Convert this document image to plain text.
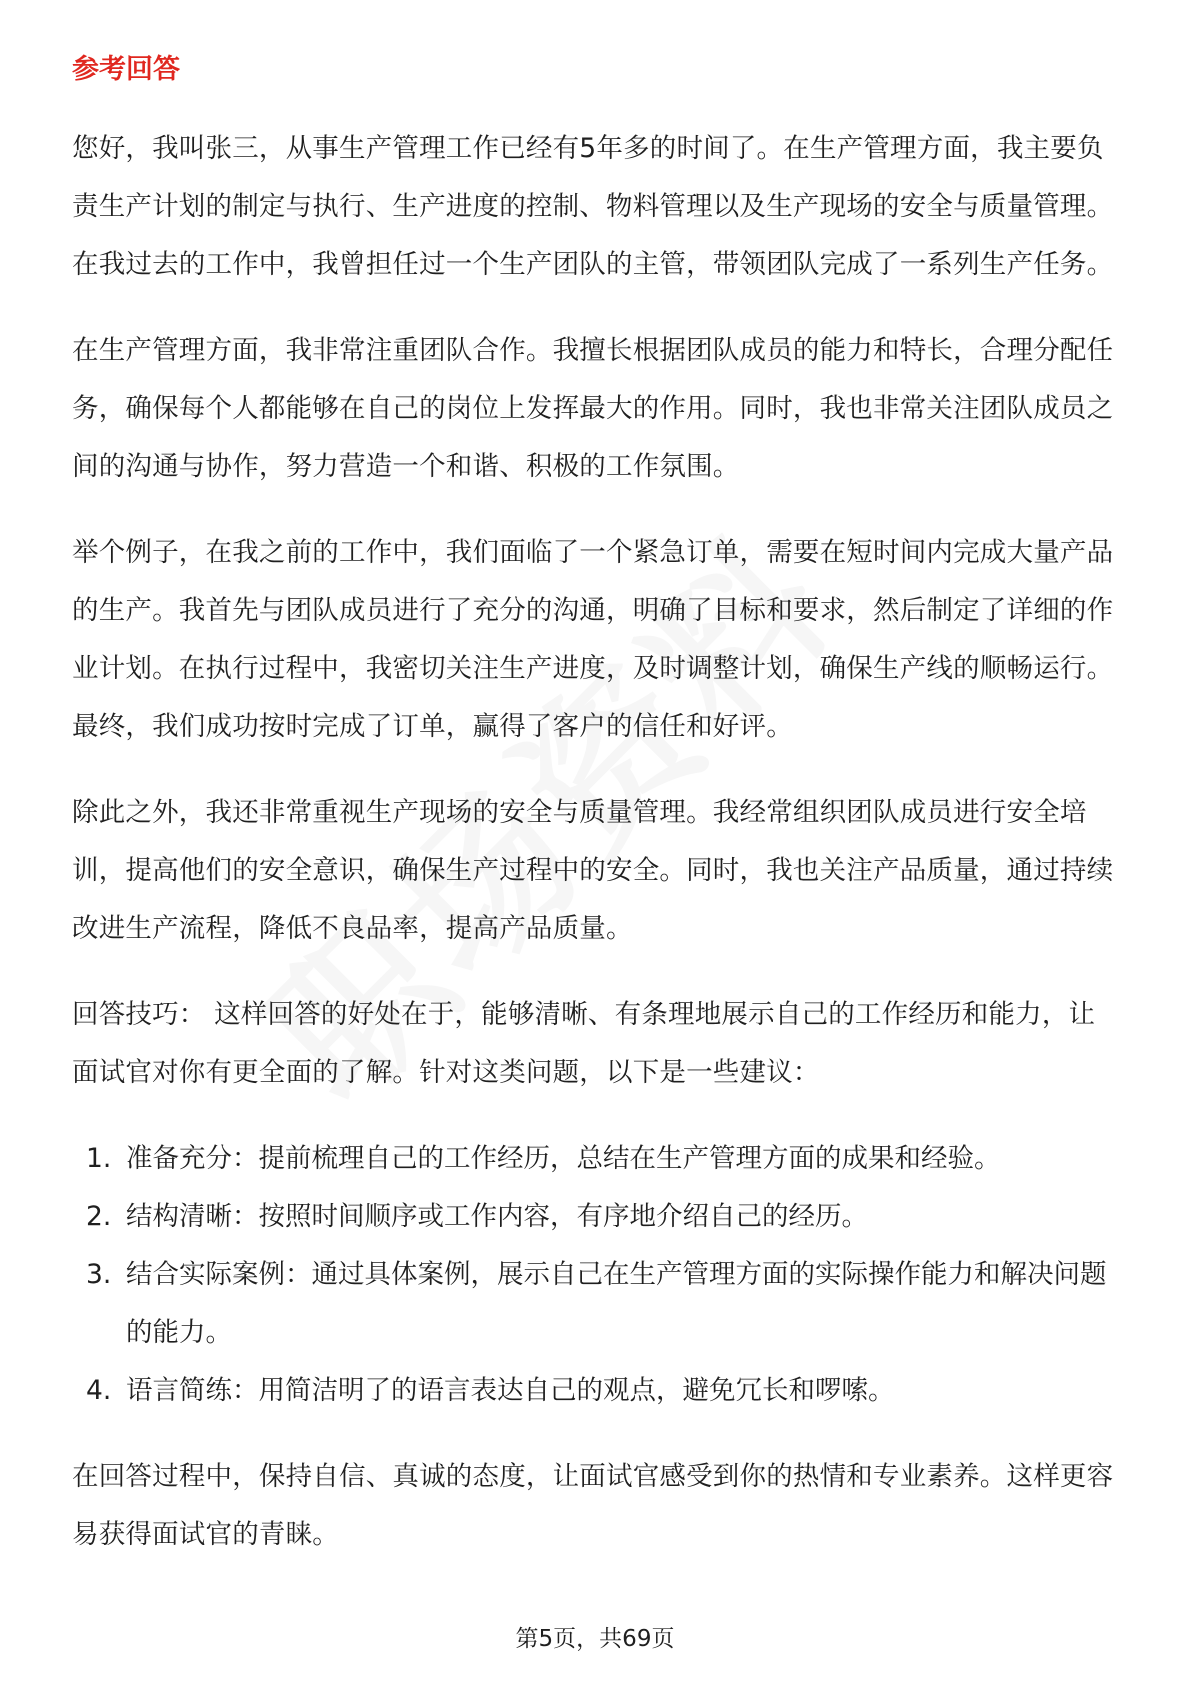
参考回答

您好，我叫张三，从事生产管理工作已经有5年多的时间了。在生产管理方面，我主要负责生产计划的制定与执行、生产进度的控制、物料管理以及生产现场的安全与质量管理。在我过去的工作中，我曾担任过一个生产团队的主管，带领团队完成了一系列生产任务。

在生产管理方面，我非常注重团队合作。我擅长根据团队成员的能力和特长，合理分配任务，确保每个人都能够在自己的岗位上发挥最大的作用。同时，我也非常关注团队成员之间的沟通与协作，努力营造一个和谐、积极的工作氛围。

举个例子，在我之前的工作中，我们面临了一个紧急订单，需要在短时间内完成大量产品的生产。我首先与团队成员进行了充分的沟通，明确了目标和要求，然后制定了详细的作业计划。在执行过程中，我密切关注生产进度，及时调整计划，确保生产线的顺畅运行。最终，我们成功按时完成了订单，赢得了客户的信任和好评。

除此之外，我还非常重视生产现场的安全与质量管理。我经常组织团队成员进行安全培训，提高他们的安全意识，确保生产过程中的安全。同时，我也关注产品质量，通过持续改进生产流程，降低不良品率，提高产品质量。

回答技巧： 这样回答的好处在于，能够清晰、有条理地展示自己的工作经历和能力，让面试官对你有更全面的了解。针对这类问题，以下是一些建议：

1. 准备充分：提前梳理自己的工作经历，总结在生产管理方面的成果和经验。
2. 结构清晰：按照时间顺序或工作内容，有序地介绍自己的经历。
3. 结合实际案例：通过具体案例，展示自己在生产管理方面的实际操作能力和解决问题的能力。
4. 语言简练：用简洁明了的语言表达自己的观点，避免冗长和啰嗦。

在回答过程中，保持自信、真诚的态度，让面试官感受到你的热情和专业素养。这样更容易获得面试官的青睐。

第5页，共69页
